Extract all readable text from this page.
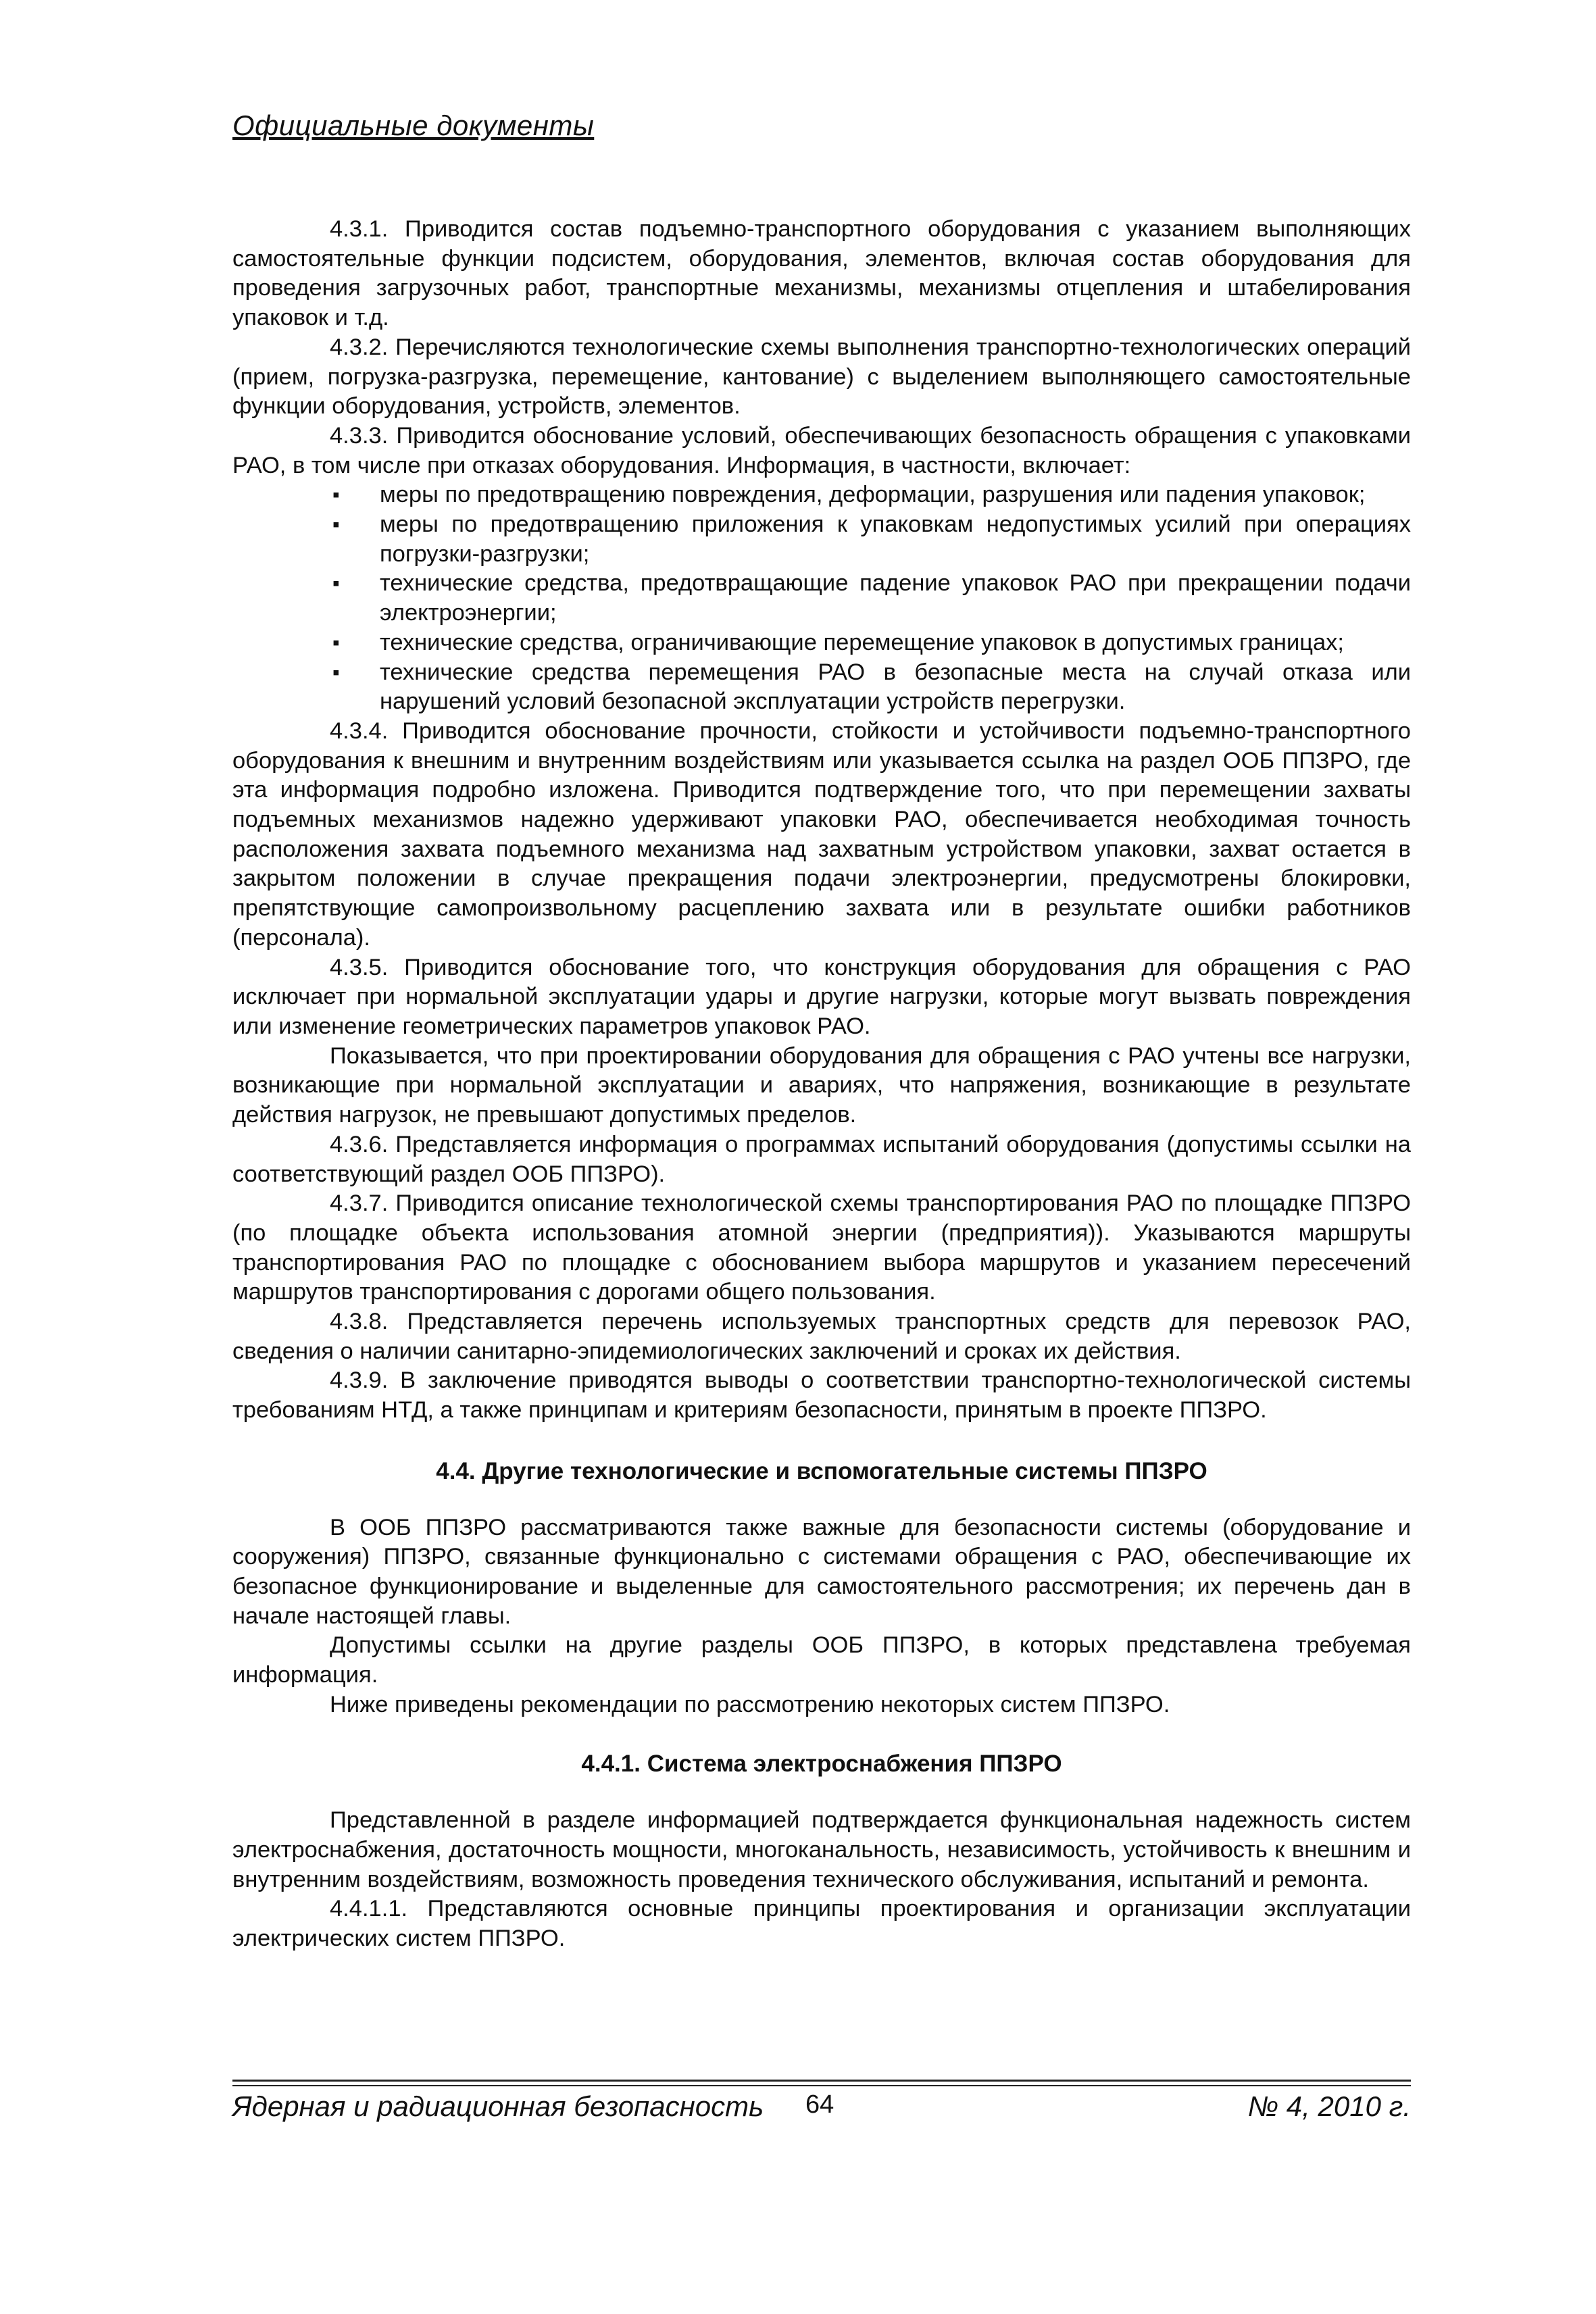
Официальные документы

4.3.1. Приводится состав подъемно-транспортного оборудования с указанием выполняющих самостоятельные функции подсистем, оборудования, элементов, включая состав оборудования для проведения загрузочных работ, транспортные механизмы, механизмы отцепления и штабелирования упаковок и т.д.

4.3.2. Перечисляются технологические схемы выполнения транспортно-технологических операций (прием, погрузка-разгрузка, перемещение, кантование) с выделением выполняющего самостоятельные функции оборудования, устройств, элементов.

4.3.3. Приводится обоснование условий, обеспечивающих безопасность обращения с упаковками РАО, в том числе при отказах оборудования. Информация, в частности, включает:

▪ меры по предотвращению повреждения, деформации, разрушения или падения упаковок;
▪ меры по предотвращению приложения к упаковкам недопустимых усилий при операциях погрузки-разгрузки;
▪ технические средства, предотвращающие падение упаковок РАО при прекращении подачи электроэнергии;
▪ технические средства, ограничивающие перемещение упаковок в допустимых границах;
▪ технические средства перемещения РАО в безопасные места на случай отказа или нарушений условий безопасной эксплуатации устройств перегрузки.

4.3.4. Приводится обоснование прочности, стойкости и устойчивости подъемно-транспортного оборудования к внешним и внутренним воздействиям или указывается ссылка на раздел ООБ ППЗРО, где эта информация подробно изложена. Приводится подтверждение того, что при перемещении захваты подъемных механизмов надежно удерживают упаковки РАО, обеспечивается необходимая точность расположения захвата подъемного механизма над захватным устройством упаковки, захват остается в закрытом положении в случае прекращения подачи электроэнергии, предусмотрены блокировки, препятствующие самопроизвольному расцеплению захвата или в результате ошибки работников (персонала).

4.3.5. Приводится обоснование того, что конструкция оборудования для обращения с РАО исключает при нормальной эксплуатации удары и другие нагрузки, которые могут вызвать повреждения или изменение геометрических параметров упаковок РАО.

Показывается, что при проектировании оборудования для обращения с РАО учтены все нагрузки, возникающие при нормальной эксплуатации и авариях, что напряжения, возникающие в результате действия нагрузок, не превышают допустимых пределов.

4.3.6. Представляется информация о программах испытаний оборудования (допустимы ссылки на соответствующий раздел ООБ ППЗРО).

4.3.7. Приводится описание технологической схемы транспортирования РАО по площадке ППЗРО (по площадке объекта использования атомной энергии (предприятия)). Указываются маршруты транспортирования РАО по площадке с обоснованием выбора маршрутов и указанием пересечений маршрутов транспортирования с дорогами общего пользования.

4.3.8. Представляется перечень используемых транспортных средств для перевозок РАО, сведения о наличии санитарно-эпидемиологических заключений и сроках их действия.

4.3.9. В заключение приводятся выводы о соответствии транспортно-технологической системы требованиям НТД, а также принципам и критериям безопасности, принятым в проекте ППЗРО.

4.4. Другие технологические и вспомогательные системы ППЗРО

В ООБ ППЗРО рассматриваются также важные для безопасности системы (оборудование и сооружения) ППЗРО, связанные функционально с системами обращения с РАО, обеспечивающие их безопасное функционирование и выделенные для самостоятельного рассмотрения; их перечень дан в начале настоящей главы.

Допустимы ссылки на другие разделы ООБ ППЗРО, в которых представлена требуемая информация.

Ниже приведены рекомендации по рассмотрению некоторых систем ППЗРО.

4.4.1. Система электроснабжения ППЗРО

Представленной в разделе информацией подтверждается функциональная надежность систем электроснабжения, достаточность мощности, многоканальность, независимость, устойчивость к внешним и внутренним воздействиям, возможность проведения технического обслуживания, испытаний и ремонта.

4.4.1.1. Представляются основные принципы проектирования и организации эксплуатации электрических систем ППЗРО.

Ядерная и радиационная безопасность 64	№ 4, 2010 г.
